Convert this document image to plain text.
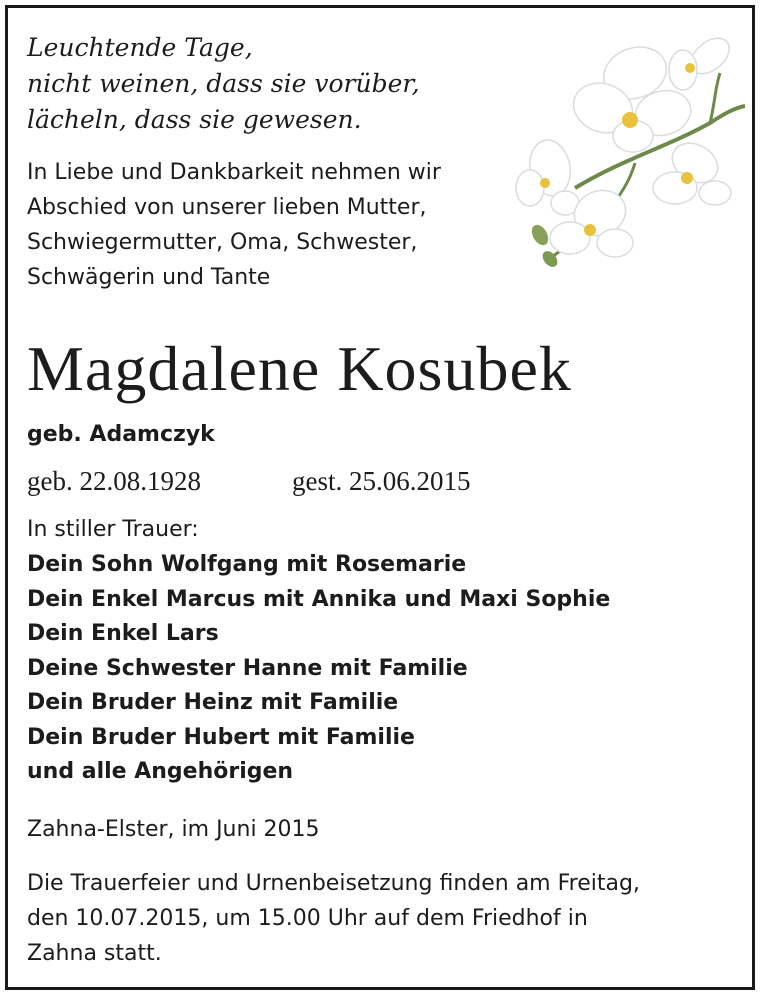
Leuchtende Tage,
nicht weinen, dass sie vorüber,
lächeln, dass sie gewesen.
In Liebe und Dankbarkeit nehmen wir
Abschied von unserer lieben Mutter,
Schwiegermutter, Oma, Schwester,
Schwägerin und Tante
Magdalene Kosubek
geb. Adamczyk
geb. 22.08.1928	gest. 25.06.2015
In stiller Trauer:
Dein Sohn Wolfgang mit Rosemarie
Dein Enkel Marcus mit Annika und Maxi Sophie
Dein Enkel Lars
Deine Schwester Hanne mit Familie
Dein Bruder Heinz mit Familie
Dein Bruder Hubert mit Familie
und alle Angehörigen
Zahna-Elster, im Juni 2015
Die Trauerfeier und Urnenbeisetzung finden am Freitag,
den 10.07.2015, um 15.00 Uhr auf dem Friedhof in
Zahna statt.
